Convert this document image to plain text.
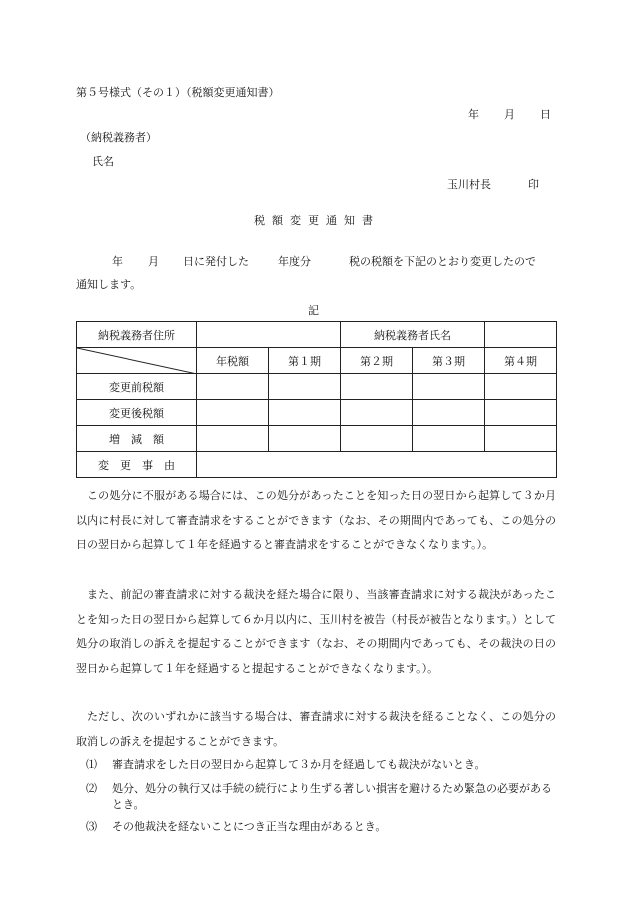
第５号様式（その１）（税額変更通知書）
年 月 日
（納税義務者）
氏名
玉川村長	印
税額変更通知書
年 月 日に発付した	年度分	税の税額を下記のとおり変更したので
通知します。
記
納税義務者住所			納税義務者氏名		

	年税額	第１期	第２期	第３期	第４期
変更前税額					
変更後税額					
増　減　額					
変　更　事　由					
この処分に不服がある場合には、この処分があったことを知った日の翌日から起算して３か月以内に村長に対して審査請求をすることができます（なお、その期間内であっても、この処分の日の翌日から起算して１年を経過すると審査請求をすることができなくなります。）。
また、前記の審査請求に対する裁決を経た場合に限り、当該審査請求に対する裁決があったことを知った日の翌日から起算して６か月以内に、玉川村を被告（村長が被告となります。）として処分の取消しの訴えを提起することができます（なお、その期間内であっても、その裁決の日の翌日から起算して１年を経過すると提起することができなくなります。）。
ただし、次のいずれかに該当する場合は、審査請求に対する裁決を経ることなく、この処分の取消しの訴えを提起することができます。
⑴ 審査請求をした日の翌日から起算して３か月を経過しても裁決がないとき。
⑵ 処分、処分の執行又は手続の続行により生ずる著しい損害を避けるため緊急の必要があるとき。
⑶ その他裁決を経ないことにつき正当な理由があるとき。
